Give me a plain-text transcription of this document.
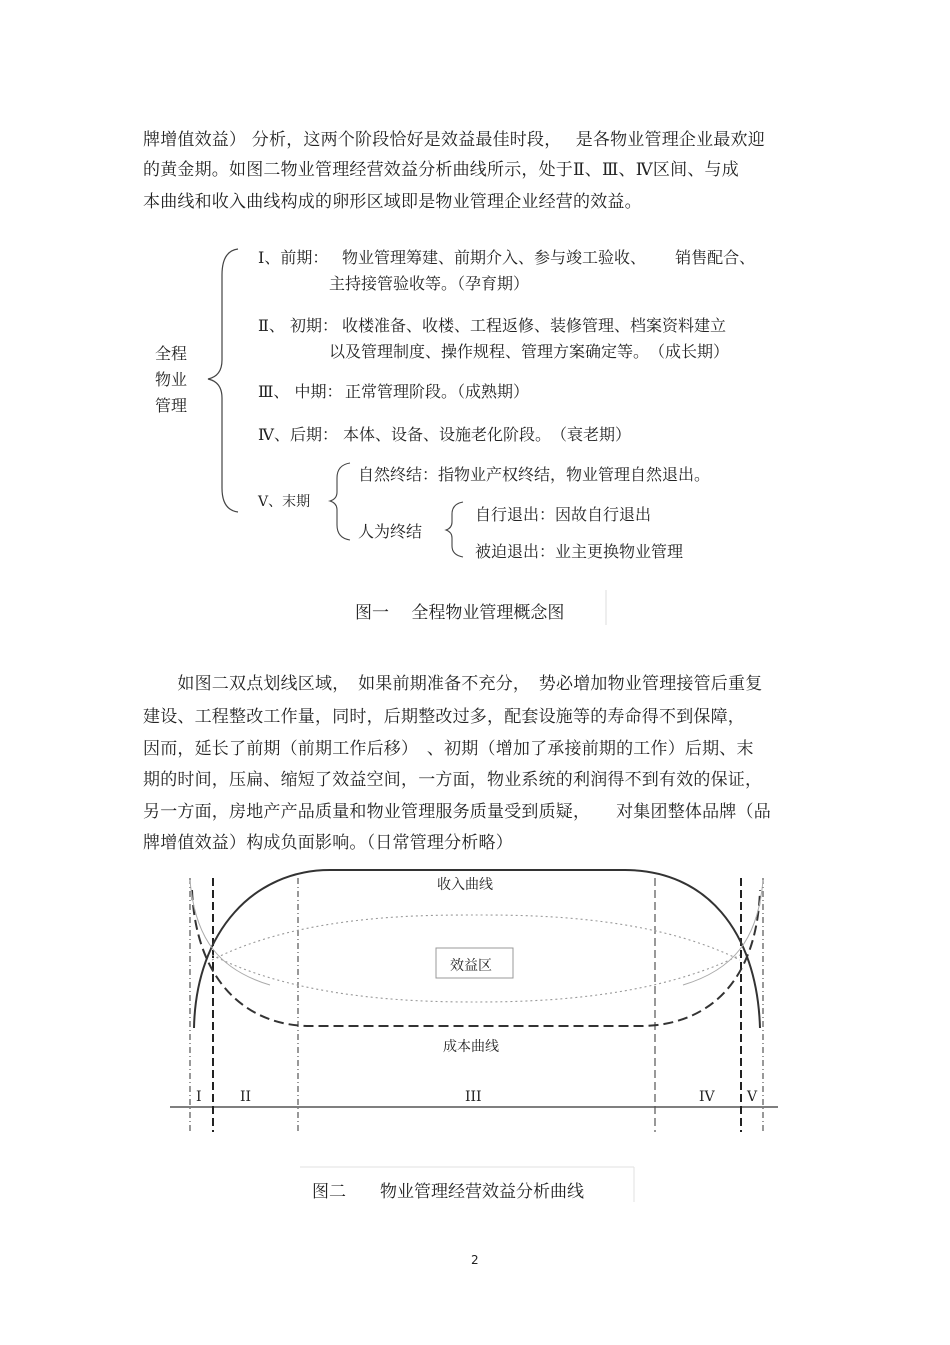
牌增值效益） 分析，这两个阶段恰好是效益最佳时段，　 是各物业管理企业最欢迎
的黄金期。如图二物业管理经营效益分析曲线所示，处于Ⅱ、Ⅲ、Ⅳ区间、与成
本曲线和收入曲线构成的卵形区域即是物业管理企业经营的效益。
全程
物业
管理
Ⅰ、前期： 物业管理筹建、前期介入、参与竣工验收、　　 销售配合、
主持接管验收等。（孕育期）
Ⅱ、 初期： 收楼准备、收楼、工程返修、装修管理、档案资料建立
以及管理制度、操作规程、管理方案确定等。　（成长期）
Ⅲ、 中期： 正常管理阶段。（成熟期）
Ⅳ、后期： 本体、设备、设施老化阶段。　（衰老期）
Ⅴ、末期
自然终结：指物业产权终结，物业管理自然退出。
人为终结
自行退出：因故自行退出
被迫退出：业主更换物业管理
图一　 全程物业管理概念图
　　如图二双点划线区域，　如果前期准备不充分，　势必增加物业管理接管后重复
建设、工程整改工作量，同时，后期整改过多，配套设施等的寿命得不到保障，
因而，延长了前期（前期工作后移）　、初期（增加了承接前期的工作）后期、末
期的时间，压扁、缩短了效益空间，一方面，物业系统的利润得不到有效的保证，
另一方面，房地产产品质量和物业管理服务质量受到质疑，　　对集团整体品牌（品
牌增值效益）构成负面影响。（日常管理分析略）
收入曲线
效益区
成本曲线
I	II	III	IV V
图二　　物业管理经营效益分析曲线
2
